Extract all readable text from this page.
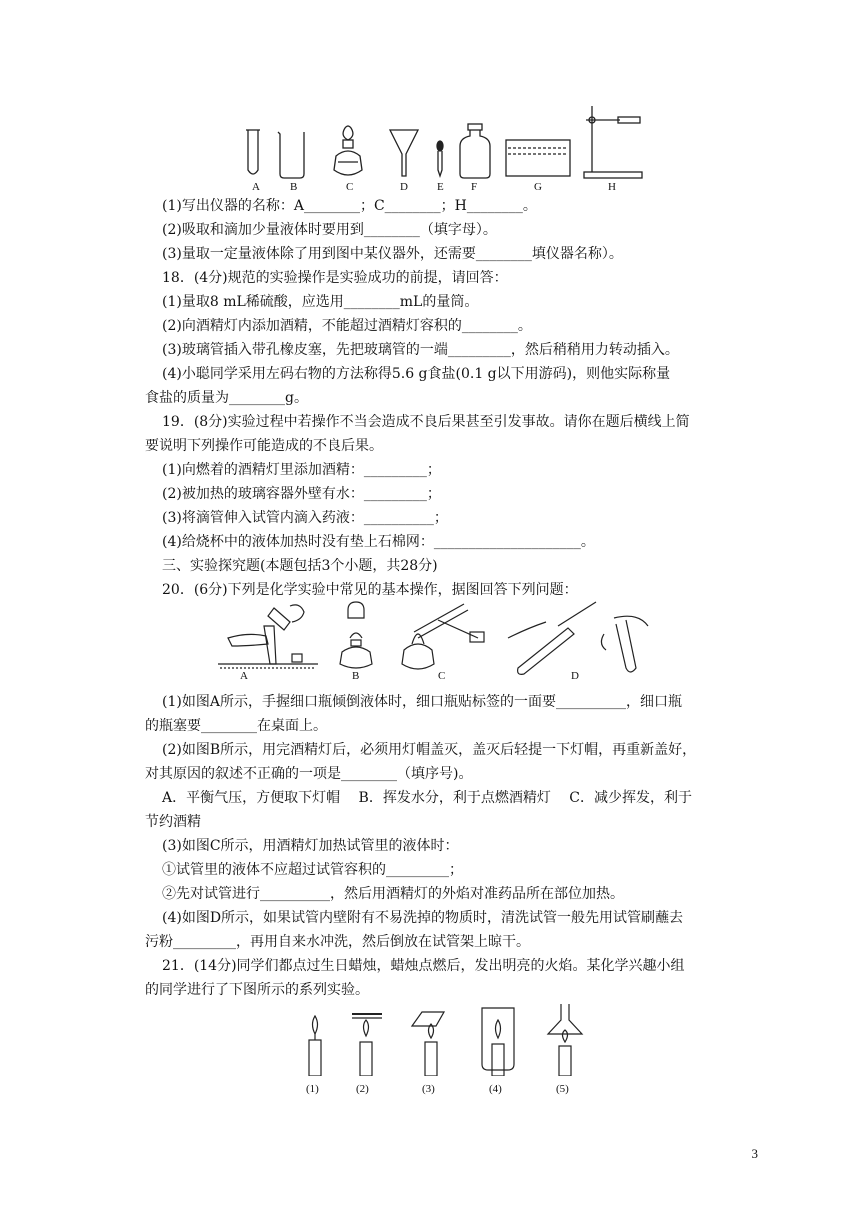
A	B	C	D	E F	G	H
(1)写出仪器的名称：A________；C________；H________。
(2)吸取和滴加少量液体时要用到________（填字母）。
(3)量取一定量液体除了用到图中某仪器外，还需要________填仪器名称）。
18．(4分)规范的实验操作是实验成功的前提，请回答：
(1)量取8 mL稀硫酸，应选用________mL的量筒。
(2)向酒精灯内添加酒精，不能超过酒精灯容积的________。
(3)玻璃管插入带孔橡皮塞，先把玻璃管的一端_________，然后稍稍用力转动插入。
(4)小聪同学采用左码右物的方法称得5.6 g食盐(0.1 g以下用游码)，则他实际称量
食盐的质量为________g。
19．(8分)实验过程中若操作不当会造成不良后果甚至引发事故。请你在题后横线上简
要说明下列操作可能造成的不良后果。
(1)向燃着的酒精灯里添加酒精：_________；
(2)被加热的玻璃容器外壁有水：_________；
(3)将滴管伸入试管内滴入药液：__________；
(4)给烧杯中的液体加热时没有垫上石棉网：_____________________。
三、实验探究题(本题包括3个小题，共28分)
20．(6分)下列是化学实验中常见的基本操作，据图回答下列问题：
A	B	C	D
(1)如图A所示，手握细口瓶倾倒液体时，细口瓶贴标签的一面要__________，细口瓶
的瓶塞要________在桌面上。
(2)如图B所示，用完酒精灯后，必须用灯帽盖灭，盖灭后轻提一下灯帽，再重新盖好，
对其原因的叙述不正确的一项是________（填序号)。
A．平衡气压，方便取下灯帽　 B．挥发水分，利于点燃酒精灯　 C．减少挥发，利于
节约酒精
(3)如图C所示，用酒精灯加热试管里的液体时：
①试管里的液体不应超过试管容积的_________；
②先对试管进行__________，然后用酒精灯的外焰对准药品所在部位加热。
(4)如图D所示，如果试管内壁附有不易洗掉的物质时，清洗试管一般先用试管刷蘸去
污粉_________，再用自来水冲洗，然后倒放在试管架上晾干。
21．(14分)同学们都点过生日蜡烛，蜡烛点燃后，发出明亮的火焰。某化学兴趣小组
的同学进行了下图所示的系列实验。
(1)	(2)	(3)	(4)	(5)
3
